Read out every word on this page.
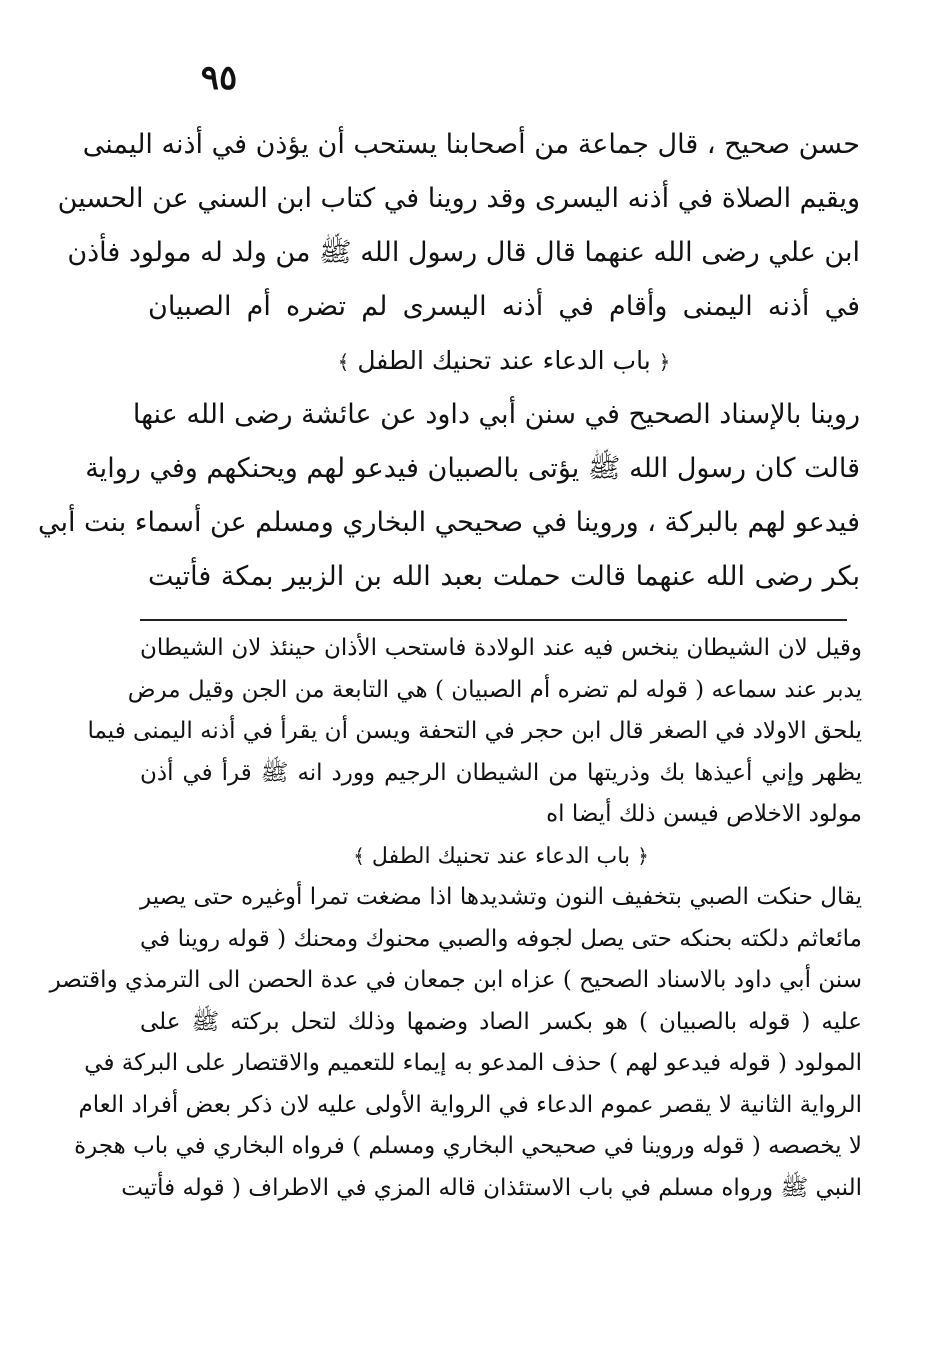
٩٥
حسن صحيح ، قال جماعة من أصحابنا يستحب أن يؤذن في أذنه اليمنى
ويقيم الصلاة في أذنه اليسرى وقد روينا في كتاب ابن السني عن الحسين
ابن علي رضى الله عنهما قال قال رسول الله ﷺ من ولد له مولود فأذن
في أذنه اليمنى وأقام في أذنه اليسرى لم تضره أم الصبيان
﴿ باب الدعاء عند تحنيك الطفل ﴾
روينا بالإسناد الصحيح في سنن أبي داود عن عائشة رضى الله عنها
قالت كان رسول الله ﷺ يؤتى بالصبيان فيدعو لهم ويحنكهم وفي رواية
فيدعو لهم بالبركة ، وروينا في صحيحي البخاري ومسلم عن أسماء بنت أبي
بكر رضى الله عنهما قالت حملت بعبد الله بن الزبير بمكة فأتيت
وقيل لان الشيطان ينخس فيه عند الولادة فاستحب الأذان حينئذ لان الشيطان
يدبر عند سماعه ( قوله لم تضره أم الصبيان ) هي التابعة من الجن وقيل مرض
يلحق الاولاد في الصغر قال ابن حجر في التحفة ويسن أن يقرأ في أذنه اليمنى فيما
يظهر وإني أعيذها بك وذريتها من الشيطان الرجيم وورد انه ﷺ قرأ في أذن
مولود الاخلاص فيسن ذلك أيضا اه
﴿ باب الدعاء عند تحنيك الطفل ﴾
يقال حنكت الصبي بتخفيف النون وتشديدها اذا مضغت تمرا أوغيره حتى يصير
مائعاثم دلكته بحنكه حتى يصل لجوفه والصبي محنوك ومحنك ( قوله روينا في
سنن أبي داود بالاسناد الصحيح ) عزاه ابن جمعان في عدة الحصن الى الترمذي واقتصر
عليه ( قوله بالصبيان ) هو بكسر الصاد وضمها وذلك لتحل بركته ﷺ على
المولود ( قوله فيدعو لهم ) حذف المدعو به إيماء للتعميم والاقتصار على البركة في
الرواية الثانية لا يقصر عموم الدعاء في الرواية الأولى عليه لان ذكر بعض أفراد العام
لا يخصصه ( قوله وروينا في صحيحي البخاري ومسلم ) فرواه البخاري في باب هجرة
النبي ﷺ ورواه مسلم في باب الاستئذان قاله المزي في الاطراف ( قوله فأتيت
